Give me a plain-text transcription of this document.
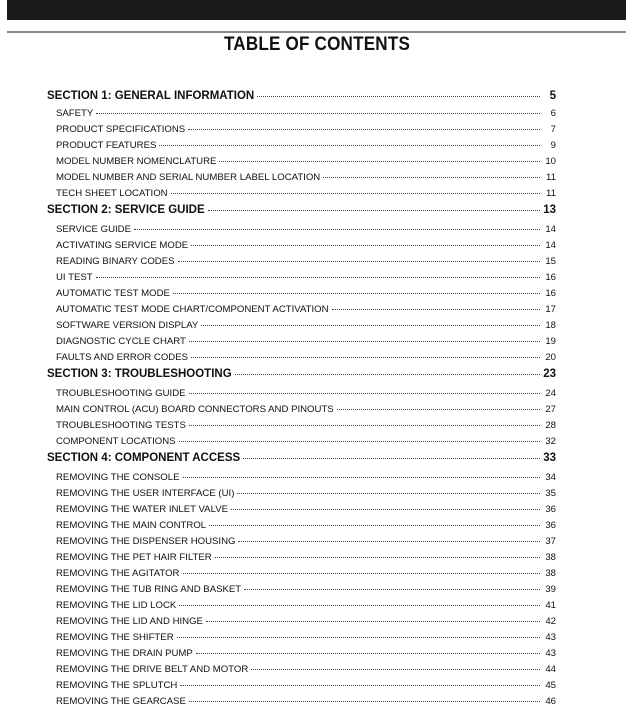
TABLE OF CONTENTS
SECTION 1: GENERAL INFORMATION	5
SAFETY	6
PRODUCT SPECIFICATIONS	7
PRODUCT FEATURES	9
MODEL NUMBER NOMENCLATURE	10
MODEL NUMBER AND SERIAL NUMBER LABEL LOCATION	11
TECH SHEET LOCATION	11
SECTION 2: SERVICE GUIDE	13
SERVICE GUIDE	14
ACTIVATING SERVICE MODE	14
READING BINARY CODES	15
UI TEST	16
AUTOMATIC TEST MODE	16
AUTOMATIC TEST MODE CHART/COMPONENT ACTIVATION	17
SOFTWARE VERSION DISPLAY	18
DIAGNOSTIC CYCLE CHART	19
FAULTS AND ERROR CODES	20
SECTION 3: TROUBLESHOOTING	23
TROUBLESHOOTING GUIDE	24
MAIN CONTROL (ACU) BOARD CONNECTORS AND PINOUTS	27
TROUBLESHOOTING TESTS	28
COMPONENT LOCATIONS	32
SECTION 4: COMPONENT ACCESS	33
REMOVING THE CONSOLE	34
REMOVING THE USER INTERFACE (UI)	35
REMOVING THE WATER INLET VALVE	36
REMOVING THE MAIN CONTROL	36
REMOVING THE DISPENSER HOUSING	37
REMOVING THE PET HAIR FILTER	38
REMOVING THE AGITATOR	38
REMOVING THE TUB RING AND BASKET	39
REMOVING THE LID LOCK	41
REMOVING THE LID AND HINGE	42
REMOVING THE SHIFTER	43
REMOVING THE DRAIN PUMP	43
REMOVING THE DRIVE BELT AND MOTOR	44
REMOVING THE SPLUTCH	45
REMOVING THE GEARCASE	46
